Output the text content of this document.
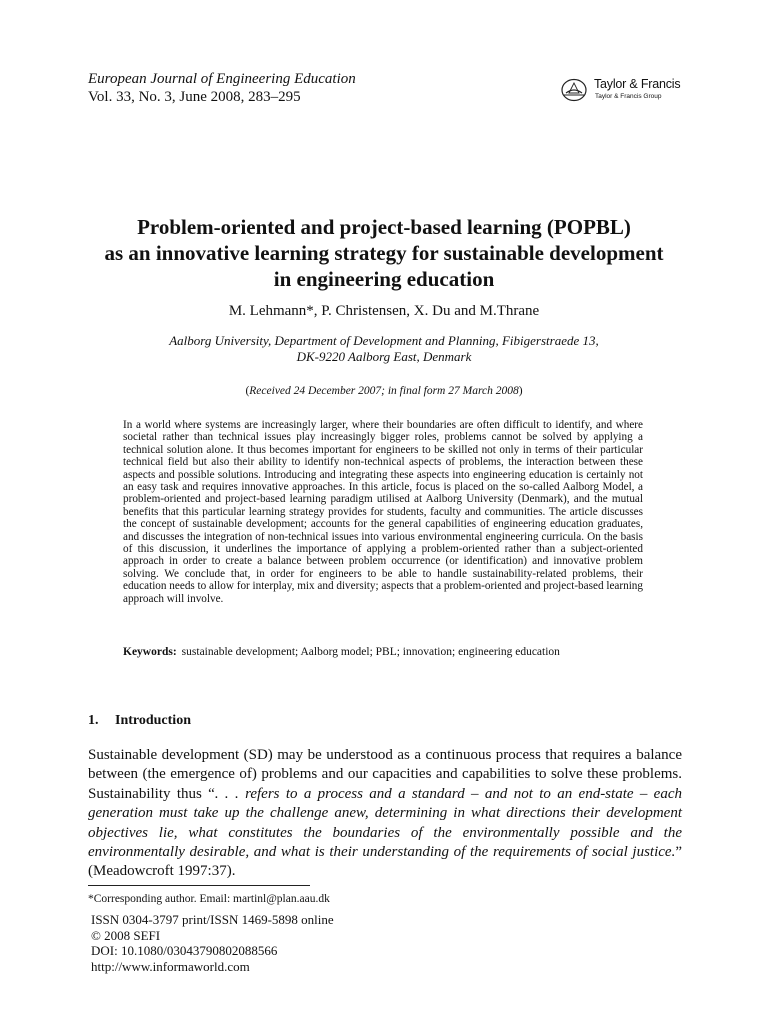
European Journal of Engineering Education
Vol. 33, No. 3, June 2008, 283–295
Taylor & Francis
Taylor & Francis Group
Problem-oriented and project-based learning (POPBL)
as an innovative learning strategy for sustainable development
in engineering education
M. Lehmann*, P. Christensen, X. Du and M.Thrane
Aalborg University, Department of Development and Planning, Fibigerstraede 13,
DK-9220 Aalborg East, Denmark
(Received 24 December 2007; in final form 27 March 2008)

In a world where systems are increasingly larger, where their boundaries are often difficult to identify, and where societal rather than technical issues play increasingly bigger roles, problems cannot be solved by applying a technical solution alone. It thus becomes important for engineers to be skilled not only in terms of their particular technical field but also their ability to identify non-technical aspects of problems, the interaction between these aspects and possible solutions. Introducing and integrating these aspects into engineering education is certainly not an easy task and requires innovative approaches. In this article, focus is placed on the so-called Aalborg Model, a problem-oriented and project-based learning paradigm utilised at Aalborg University (Denmark), and the mutual benefits that this particular learning strategy provides for students, faculty and communities. The article discusses the concept of sustainable development; accounts for the general capabilities of engineering education graduates, and discusses the integration of non-technical issues into various environmental engineering curricula. On the basis of this discussion, it underlines the importance of applying a problem-oriented rather than a subject-oriented approach in order to create a balance between problem occurrence (or identification) and innovative problem solving. We conclude that, in order for engineers to be able to handle sustainability-related problems, their education needs to allow for interplay, mix and diversity; aspects that a problem-oriented and project-based learning approach will involve.

Keywords: sustainable development; Aalborg model; PBL; innovation; engineering education
1. Introduction

Sustainable development (SD) may be understood as a continuous process that requires a balance between (the emergence of) problems and our capacities and capabilities to solve these problems. Sustainability thus “. . . refers to a process and a standard – and not to an end-state – each generation must take up the challenge anew, determining in what directions their development objectives lie, what constitutes the boundaries of the environmentally possible and the environmentally desirable, and what is their understanding of the requirements of social justice.” (Meadowcroft 1997:37).

*Corresponding author. Email: martinl@plan.aau.dk
ISSN 0304-3797 print/ISSN 1469-5898 online
© 2008 SEFI
DOI: 10.1080/03043790802088566
http://www.informaworld.com
